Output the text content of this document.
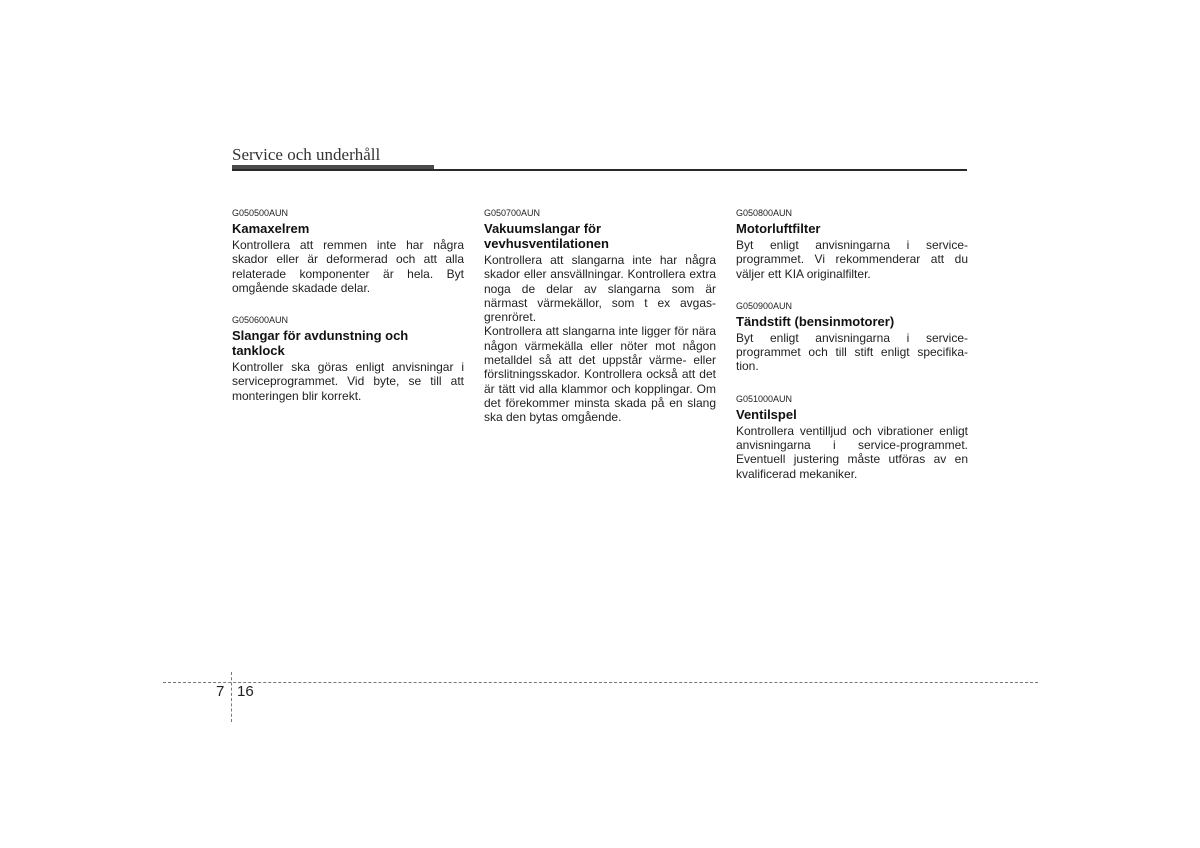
Service och underhåll

G050500AUN

Kamaxelrem

Kontrollera att remmen inte har några skador eller är deformerad och att alla relaterade komponenter är hela. Byt omgående skadade delar.

G050600AUN

Slangar för avdunstning och tanklock

Kontroller ska göras enligt anvisningar i serviceprogrammet. Vid byte, se till att monteringen blir korrekt.

G050700AUN

Vakuumslangar för vevhusventilationen

Kontrollera att slangarna inte har några skador eller ansvällningar. Kontrollera extra noga de delar av slangarna som är närmast värmekällor, som t ex avgas-grenröret.

Kontrollera att slangarna inte ligger för nära någon värmekälla eller nöter mot någon metalldel så att det uppstår värme- eller förslitningsskador. Kontrollera också att det är tätt vid alla klammor och kopplingar. Om det förekommer minsta skada på en slang ska den bytas omgående.

G050800AUN

Motorluftfilter

Byt enligt anvisningarna i service-programmet. Vi rekommenderar att du väljer ett KIA originalfilter.

G050900AUN

Tändstift (bensinmotorer)

Byt enligt anvisningarna i service-programmet och till stift enligt specifika-tion.

G051000AUN

Ventilspel

Kontrollera ventilljud och vibrationer enligt anvisningarna i service-programmet. Eventuell justering måste utföras av en kvalificerad mekaniker.

7 16
